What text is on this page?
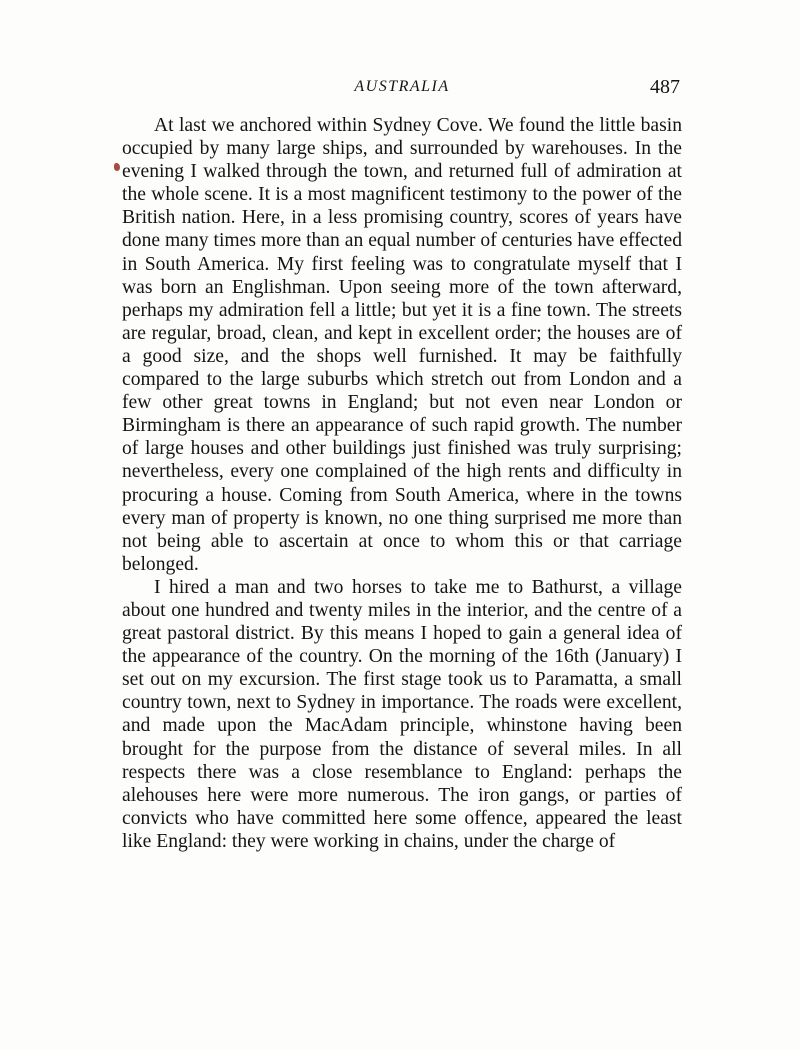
AUSTRALIA	487

At last we anchored within Sydney Cove. We found the little basin occupied by many large ships, and surrounded by warehouses. In the evening I walked through the town, and returned full of admiration at the whole scene. It is a most magnificent testimony to the power of the British nation. Here, in a less promising country, scores of years have done many times more than an equal number of centuries have effected in South America. My first feeling was to congratulate myself that I was born an Englishman. Upon seeing more of the town afterward, perhaps my admiration fell a little; but yet it is a fine town. The streets are regular, broad, clean, and kept in excellent order; the houses are of a good size, and the shops well furnished. It may be faithfully compared to the large suburbs which stretch out from London and a few other great towns in England; but not even near London or Birmingham is there an appearance of such rapid growth. The number of large houses and other buildings just finished was truly surprising; nevertheless, every one complained of the high rents and difficulty in procuring a house. Coming from South America, where in the towns every man of property is known, no one thing surprised me more than not being able to ascertain at once to whom this or that carriage belonged.

I hired a man and two horses to take me to Bathurst, a village about one hundred and twenty miles in the interior, and the centre of a great pastoral district. By this means I hoped to gain a general idea of the appearance of the country. On the morning of the 16th (January) I set out on my excursion. The first stage took us to Paramatta, a small country town, next to Sydney in importance. The roads were excellent, and made upon the MacAdam principle, whinstone having been brought for the purpose from the distance of several miles. In all respects there was a close resemblance to England: perhaps the alehouses here were more numerous. The iron gangs, or parties of convicts who have committed here some offence, appeared the least like England: they were working in chains, under the charge of
